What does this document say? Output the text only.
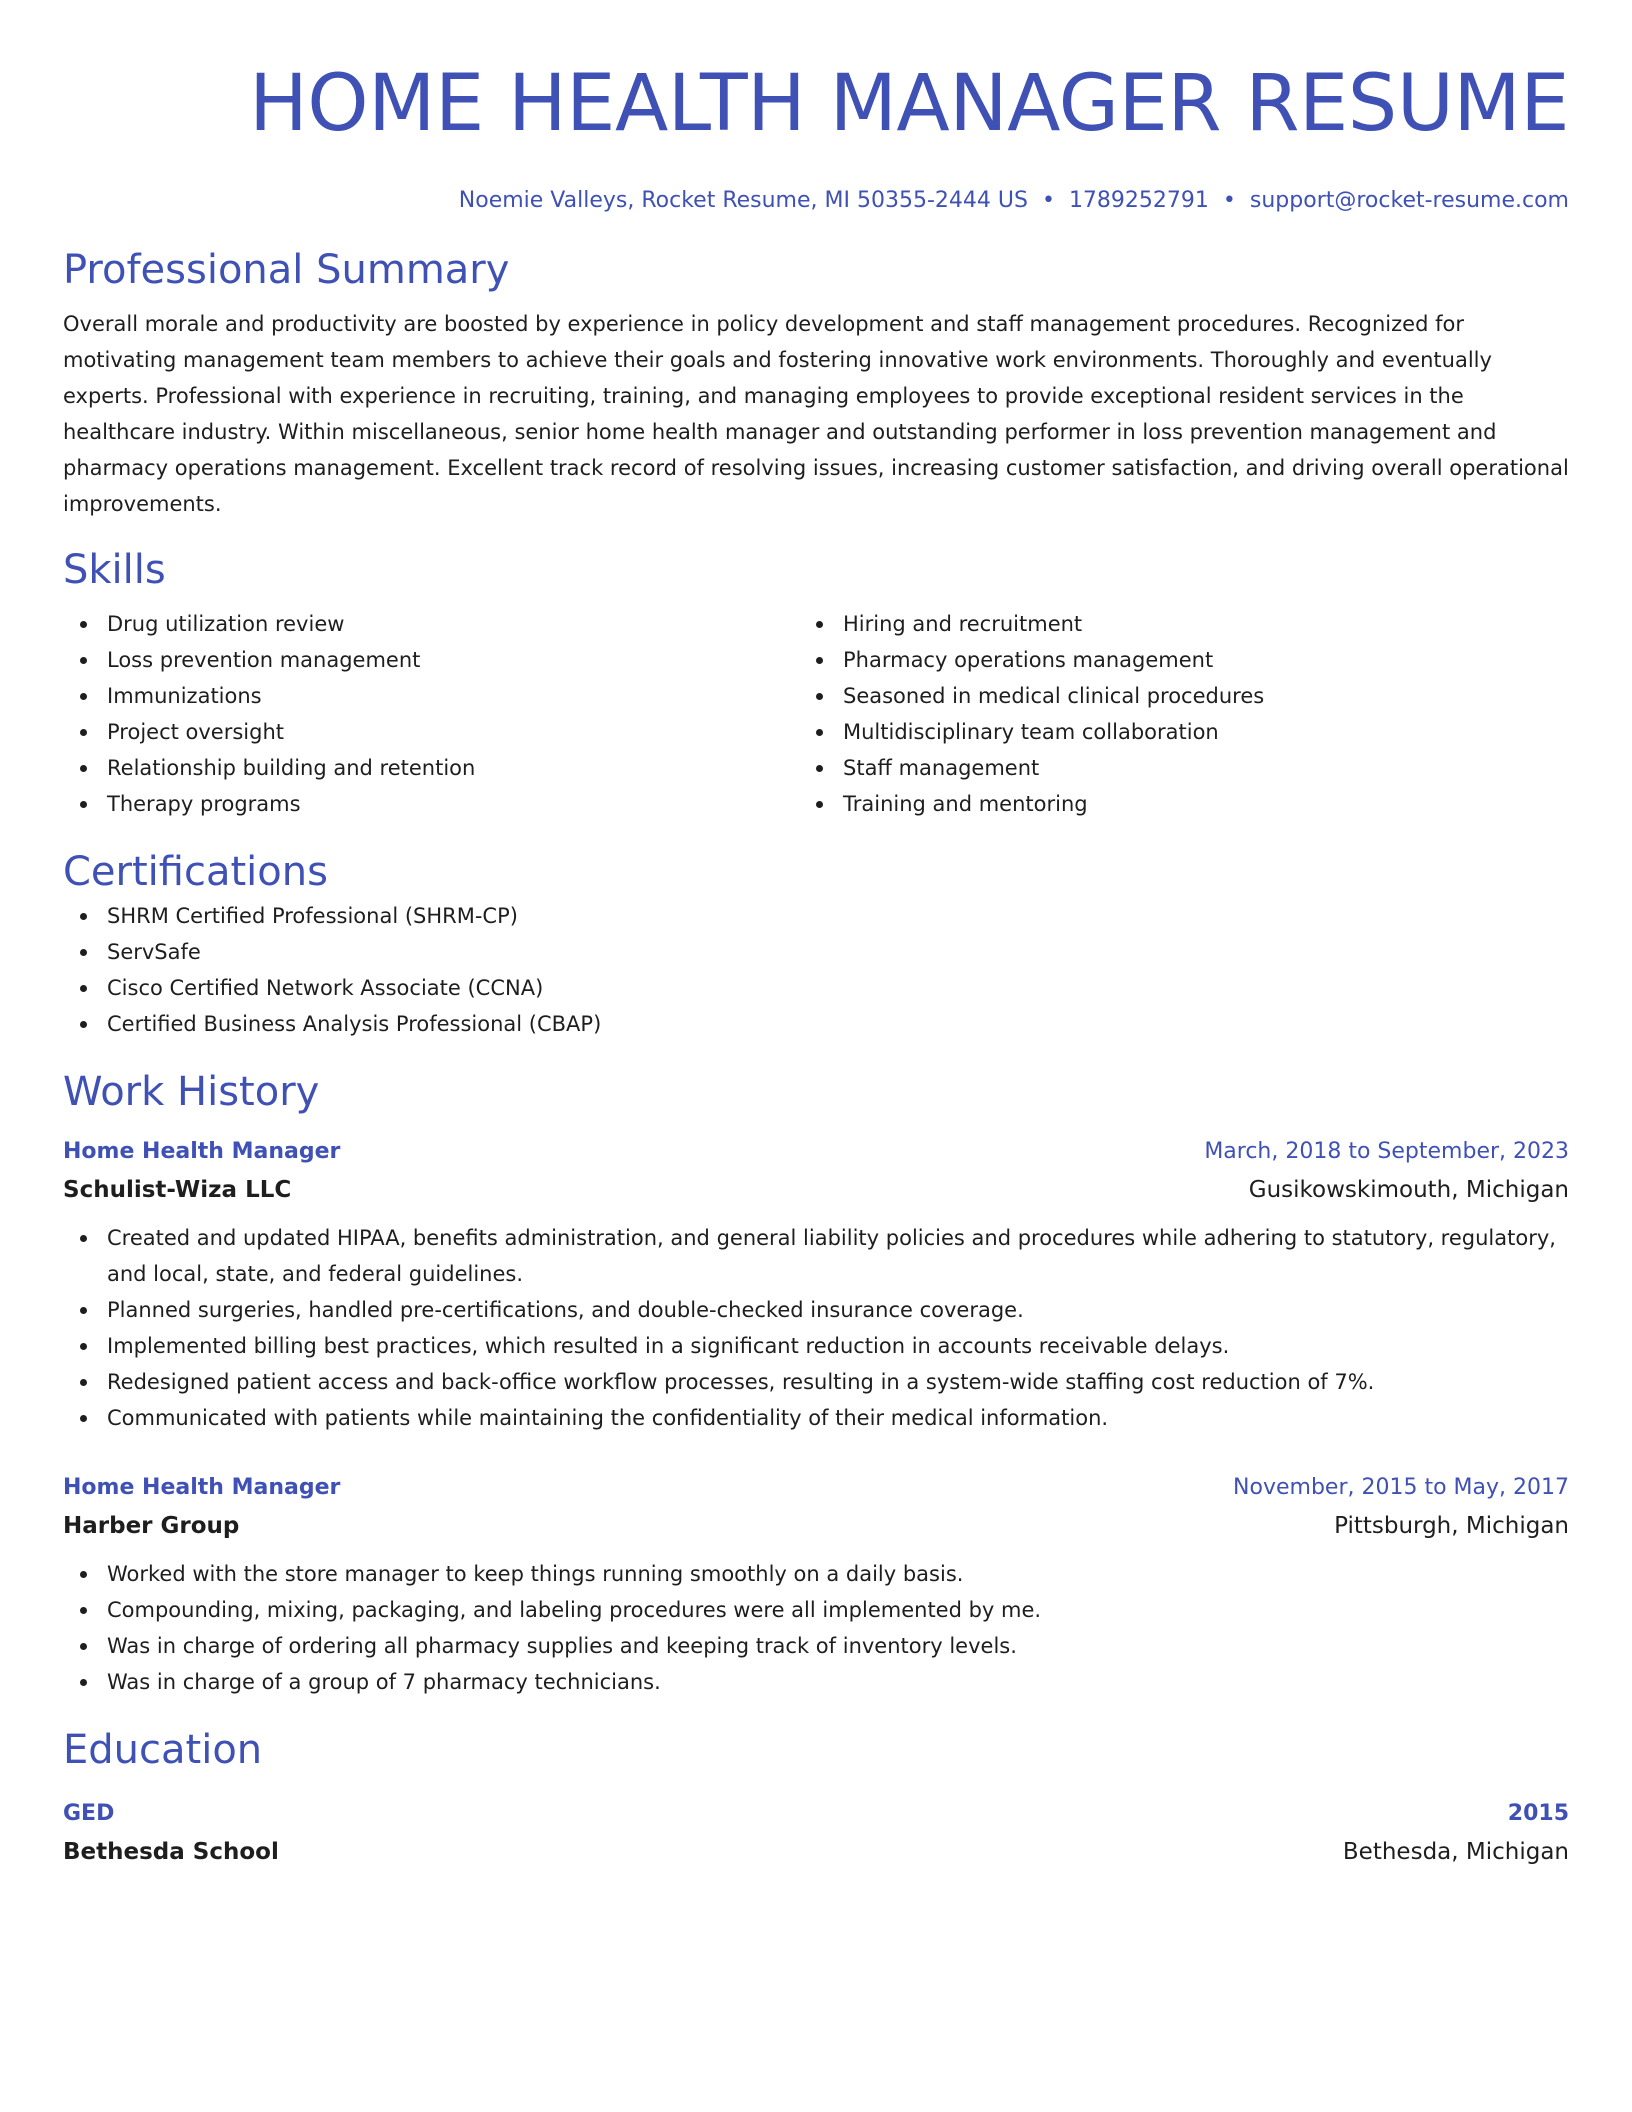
HOME HEALTH MANAGER RESUME
Noemie Valleys, Rocket Resume, MI 50355-2444 US • 1789252791 • support@rocket-resume.com
Professional Summary

Overall morale and productivity are boosted by experience in policy development and staff management procedures. Recognized for motivating management team members to achieve their goals and fostering innovative work environments. Thoroughly and eventually experts. Professional with experience in recruiting, training, and managing employees to provide exceptional resident services in the healthcare industry. Within miscellaneous, senior home health manager and outstanding performer in loss prevention management and pharmacy operations management. Excellent track record of resolving issues, increasing customer satisfaction, and driving overall operational improvements.

Skills
Drug utilization review
Loss prevention management
Immunizations
Project oversight
Relationship building and retention
Therapy programs
Hiring and recruitment
Pharmacy operations management
Seasoned in medical clinical procedures
Multidisciplinary team collaboration
Staff management
Training and mentoring
Certifications
SHRM Certified Professional (SHRM-CP)
ServSafe
Cisco Certified Network Associate (CCNA)
Certified Business Analysis Professional (CBAP)
Work History
Home Health Manager	March, 2018 to September, 2023
Schulist-Wiza LLC	Gusikowskimouth, Michigan
Created and updated HIPAA, benefits administration, and general liability policies and procedures while adhering to statutory, regulatory, and local, state, and federal guidelines.
Planned surgeries, handled pre-certifications, and double-checked insurance coverage.
Implemented billing best practices, which resulted in a significant reduction in accounts receivable delays.
Redesigned patient access and back-office workflow processes, resulting in a system-wide staffing cost reduction of 7%.
Communicated with patients while maintaining the confidentiality of their medical information.
Home Health Manager	November, 2015 to May, 2017
Harber Group	Pittsburgh, Michigan
Worked with the store manager to keep things running smoothly on a daily basis.
Compounding, mixing, packaging, and labeling procedures were all implemented by me.
Was in charge of ordering all pharmacy supplies and keeping track of inventory levels.
Was in charge of a group of 7 pharmacy technicians.
Education
GED	2015
Bethesda School	Bethesda, Michigan
